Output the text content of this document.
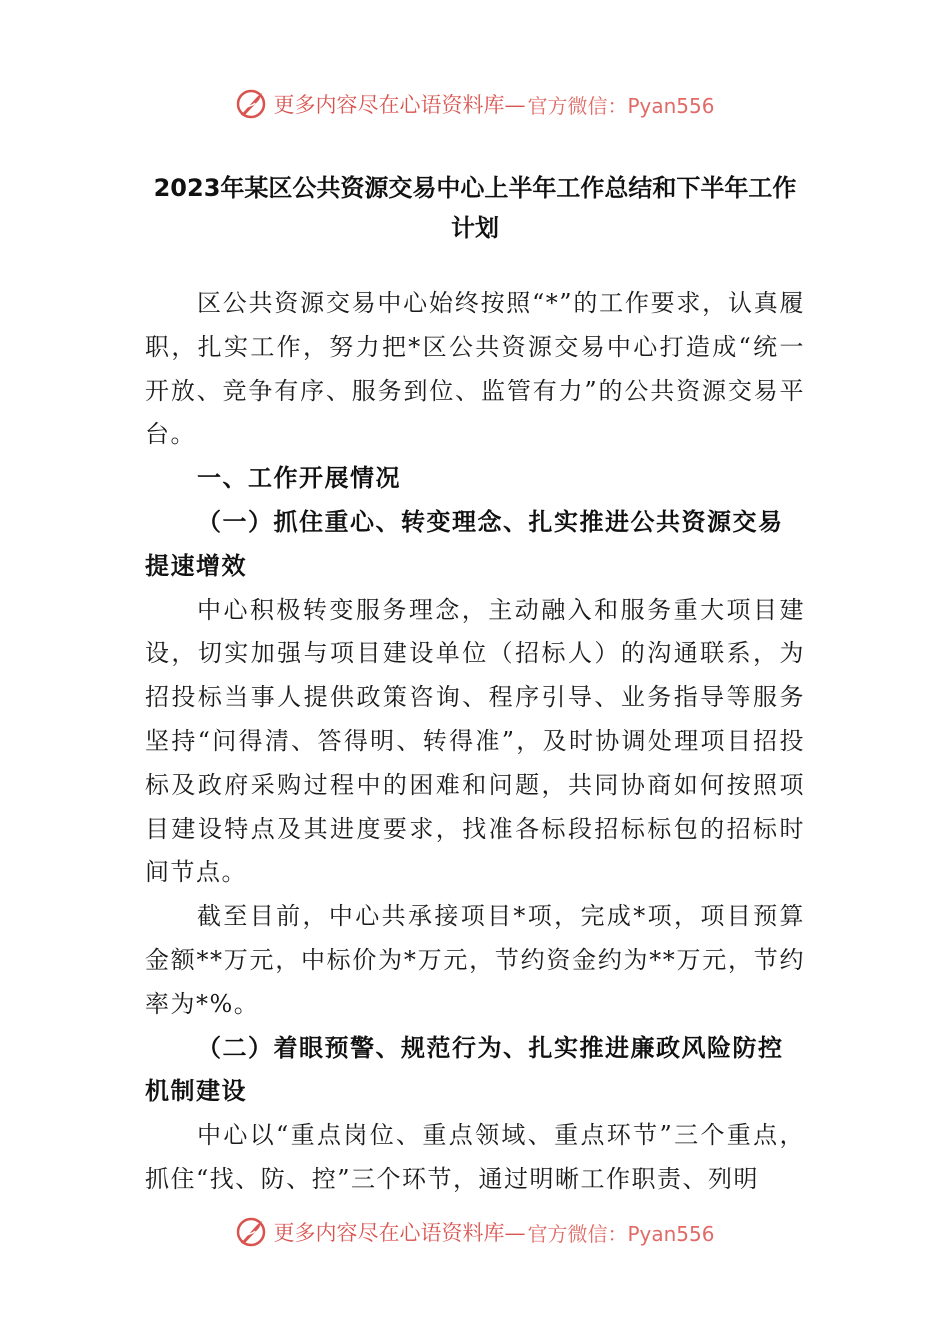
更多内容尽在心语资料库— 官方微信：Pyan556
2023年某区公共资源交易中心上半年工作总结和下半年工作计划

区公共资源交易中心始终按照“*”的工作要求，认真履职，扎实工作，努力把*区公共资源交易中心打造成“统一开放、竞争有序、服务到位、监管有力”的公共资源交易平台。

一、工作开展情况

（一）抓住重心、转变理念、扎实推进公共资源交易提速增效

中心积极转变服务理念，主动融入和服务重大项目建设，切实加强与项目建设单位（招标人）的沟通联系，为招投标当事人提供政策咨询、程序引导、业务指导等服务坚持“问得清、答得明、转得准”，及时协调处理项目招投标及政府采购过程中的困难和问题，共同协商如何按照项目建设特点及其进度要求，找准各标段招标标包的招标时间节点。

截至目前，中心共承接项目*项，完成*项，项目预算金额**万元，中标价为*万元，节约资金约为**万元，节约率为*%。

（二）着眼预警、规范行为、扎实推进廉政风险防控机制建设

中心以“重点岗位、重点领域、重点环节”三个重点，抓住“找、防、控”三个环节，通过明晰工作职责、列明

更多内容尽在心语资料库— 官方微信：Pyan556
